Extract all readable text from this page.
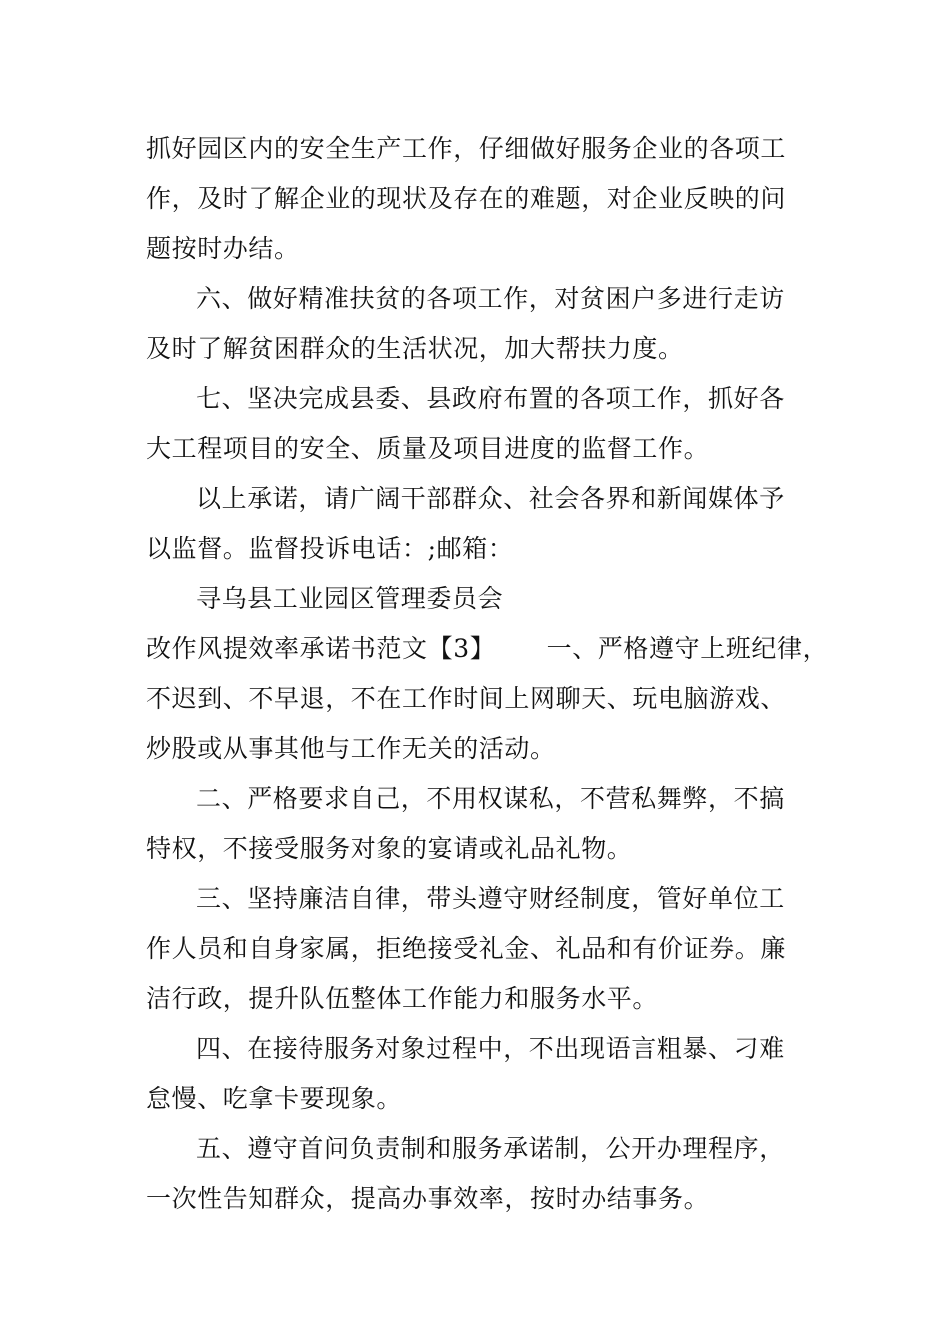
抓好园区内的安全生产工作，仔细做好服务企业的各项工
作，及时了解企业的现状及存在的难题，对企业反映的问
题按时办结。
六、做好精准扶贫的各项工作，对贫困户多进行走访
及时了解贫困群众的生活状况，加大帮扶力度。
七、坚决完成县委、县政府布置的各项工作，抓好各
大工程项目的安全、质量及项目进度的监督工作。
以上承诺，请广阔干部群众、社会各界和新闻媒体予
以监督。监督投诉电话：;邮箱：
寻乌县工业园区管理委员会
改作风提效率承诺书范文【3】      一、严格遵守上班纪律，
不迟到、不早退，不在工作时间上网聊天、玩电脑游戏、
炒股或从事其他与工作无关的活动。
二、严格要求自己，不用权谋私，不营私舞弊，不搞
特权，不接受服务对象的宴请或礼品礼物。
三、坚持廉洁自律，带头遵守财经制度，管好单位工
作人员和自身家属，拒绝接受礼金、礼品和有价证券。廉
洁行政，提升队伍整体工作能力和服务水平。
四、在接待服务对象过程中，不出现语言粗暴、刁难
怠慢、吃拿卡要现象。
五、遵守首问负责制和服务承诺制，公开办理程序，
一次性告知群众，提高办事效率，按时办结事务。
